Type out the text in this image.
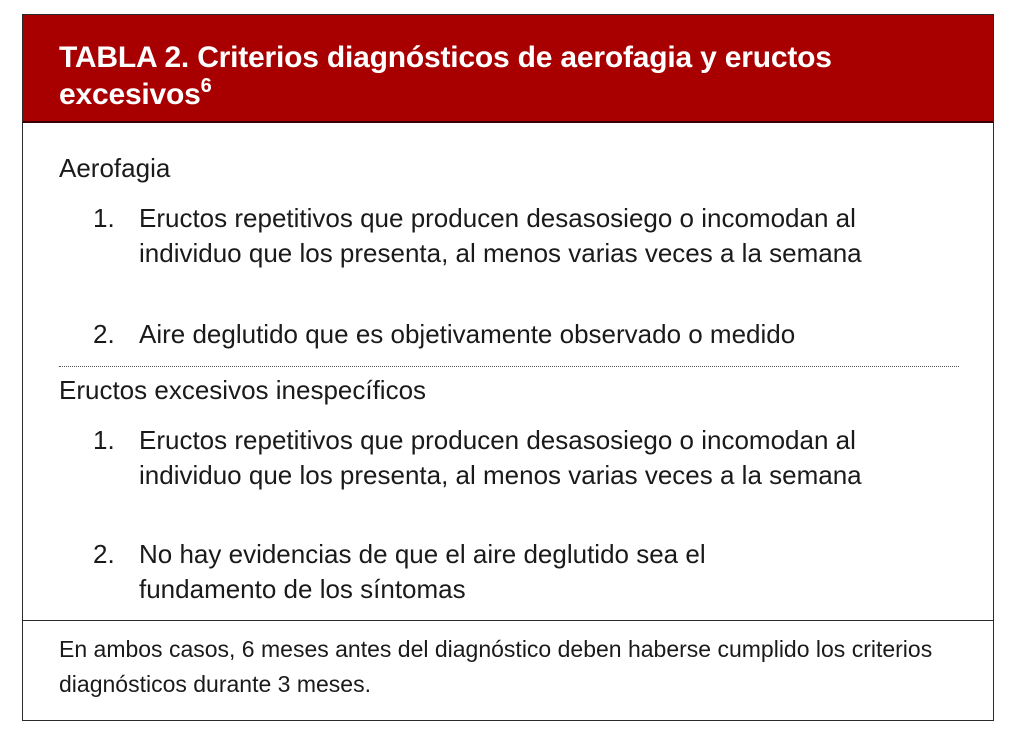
TABLA 2. Criterios diagnósticos de aerofagia y eructos excesivos$^6$
Aerofagia
1. Eructos repetitivos que producen desasosiego o incomodan al individuo que los presenta, al menos varias veces a la semana
2. Aire deglutido que es objetivamente observado o medido
Eructos excesivos inespecíficos
1. Eructos repetitivos que producen desasosiego o incomodan al individuo que los presenta, al menos varias veces a la semana
2. No hay evidencias de que el aire deglutido sea el fundamento de los síntomas
En ambos casos, 6 meses antes del diagnóstico deben haberse cumplido los criterios diagnósticos durante 3 meses.
